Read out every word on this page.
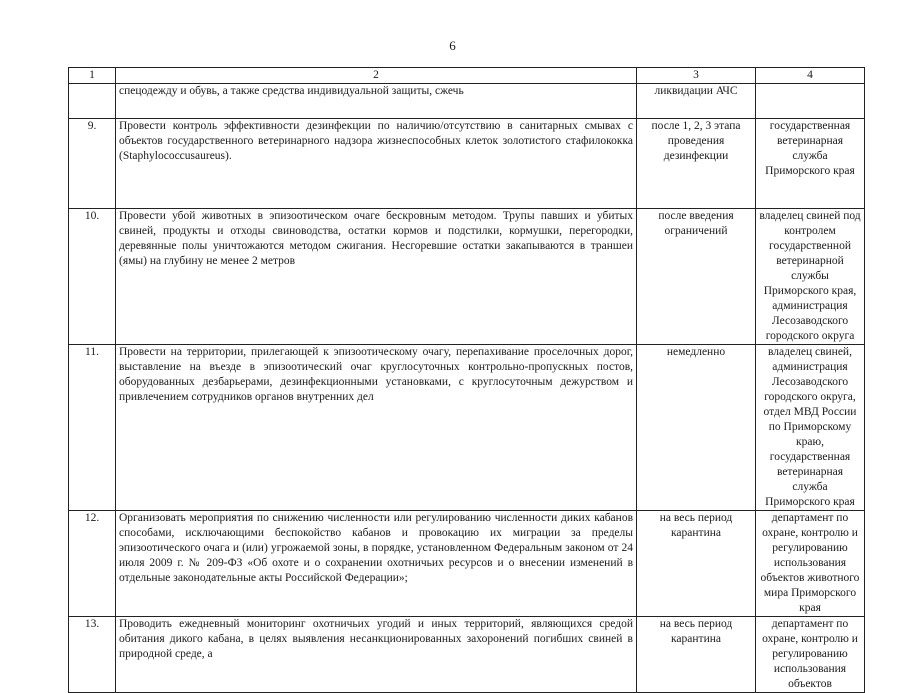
6
1	2	3	4
	спецодежду и обувь, а также средства индивидуальной защиты, сжечь	ликвидации АЧС	
9.	Провести контроль эффективности дезинфекции по наличию/отсутствию в санитарных смывах с объектов государственного ветеринарного надзора жизнеспособных клеток золотистого стафилококка (Staphylococcusaureus).	после 1, 2, 3 этапа проведения дезинфекции	государственная ветеринарная служба Приморского края
10.	Провести убой животных в эпизоотическом очаге бескровным методом. Трупы павших и убитых свиней, продукты и отходы свиноводства, остатки кормов и подстилки, кормушки, перегородки, деревянные полы уничтожаются методом сжигания. Несгоревшие остатки закапываются в траншеи (ямы) на глубину не менее 2 метров	после введения ограничений	владелец свиней под контролем государственной ветеринарной службы Приморского края, администрация Лесозаводского городского округа
11.	Провести на территории, прилегающей к эпизоотическому очагу, перепахивание проселочных дорог, выставление на въезде в эпизоотический очаг круглосуточных контрольно-пропускных постов, оборудованных дезбарьерами, дезинфекционными установками, с круглосуточным дежурством и привлечением сотрудников органов внутренних дел	немедленно	владелец свиней, администрация Лесозаводского городского округа, отдел МВД России по Приморскому краю, государственная ветеринарная служба Приморского края
12.	Организовать мероприятия по снижению численности или регулированию численности диких кабанов способами, исключающими беспокойство кабанов и провокацию их миграции за пределы эпизоотического очага и (или) угрожаемой зоны, в порядке, установленном Федеральным законом от 24 июля 2009 г. № 209-ФЗ «Об охоте и о сохранении охотничьих ресурсов и о внесении изменений в отдельные законодательные акты Российской Федерации»;	на весь период карантина	департамент по охране, контролю и регулированию использования объектов животного мира Приморского края
13.	Проводить ежедневный мониторинг охотничьих угодий и иных территорий, являющихся средой обитания дикого кабана, в целях выявления несанкционированных захоронений погибших свиней в природной среде, а	на весь период карантина	департамент по охране, контролю и регулированию использования объектов
